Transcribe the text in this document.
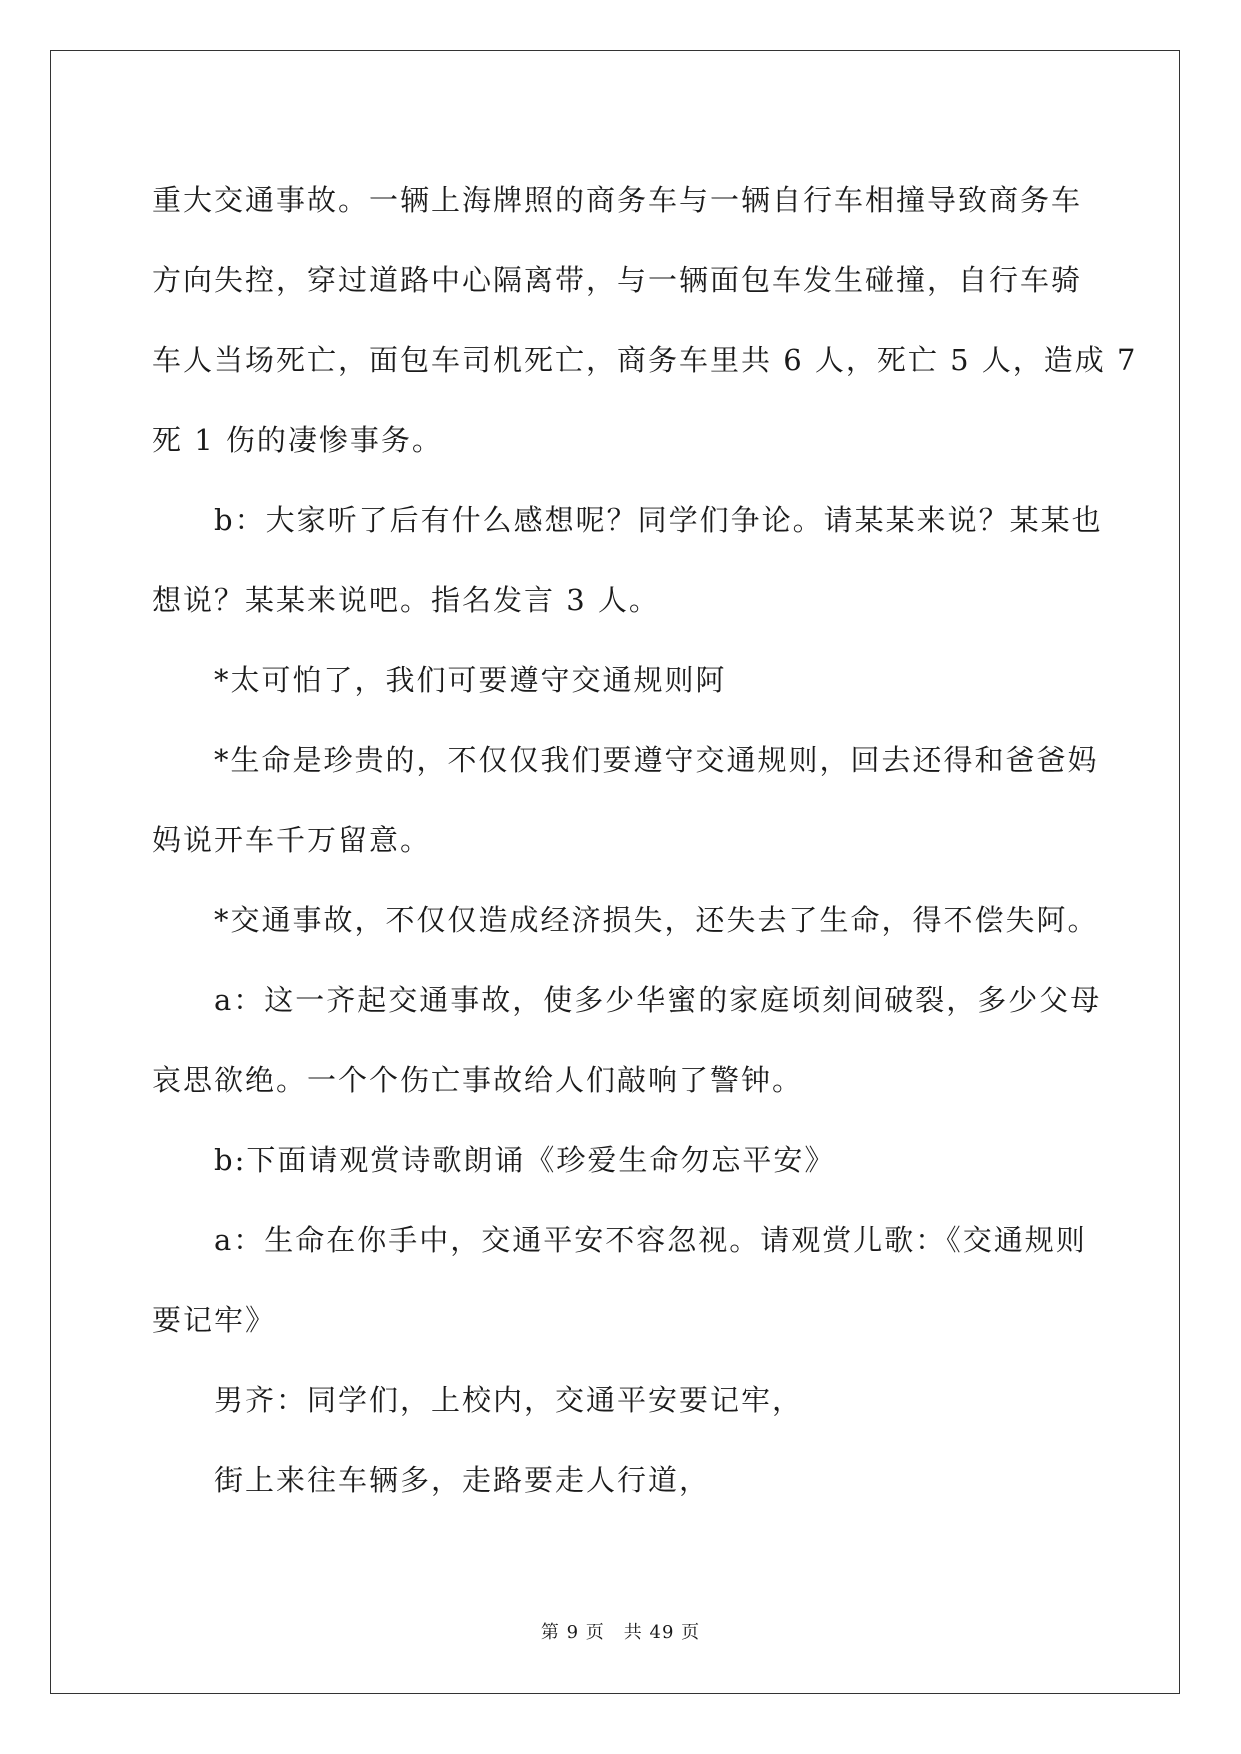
重大交通事故。一辆上海牌照的商务车与一辆自行车相撞导致商务车
方向失控，穿过道路中心隔离带，与一辆面包车发生碰撞，自行车骑
车人当场死亡，面包车司机死亡，商务车里共 6 人，死亡 5 人，造成 7
死 1 伤的凄惨事务。
b：大家听了后有什么感想呢？同学们争论。请某某来说？某某也
想说？某某来说吧。指名发言 3 人。
*太可怕了，我们可要遵守交通规则阿
*生命是珍贵的，不仅仅我们要遵守交通规则，回去还得和爸爸妈
妈说开车千万留意。
*交通事故，不仅仅造成经济损失，还失去了生命，得不偿失阿。
a：这一齐起交通事故，使多少华蜜的家庭顷刻间破裂，多少父母
哀思欲绝。一个个伤亡事故给人们敲响了警钟。
b:下面请观赏诗歌朗诵《珍爱生命勿忘平安》
a：生命在你手中，交通平安不容忽视。请观赏儿歌：《交通规则
要记牢》
男齐：同学们，上校内，交通平安要记牢，
街上来往车辆多，走路要走人行道，
第 9 页　共 49 页
